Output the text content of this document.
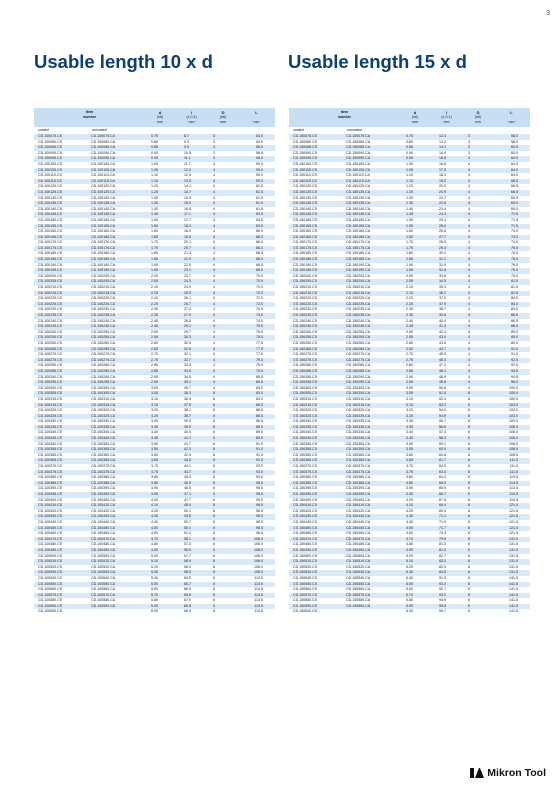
3
Usable length 10 x d	Usable length 15 x d
Item		d	l	D	L
number		(h6)	(± 0.1)	(h6)	
		mm	mm	mm	mm
coated	uncoated				
CD.100075.CS	CD.100075.CA	0.75	8.7	3	54.0
CD.100080.CS	CD.100080.CA	0.80	9.3	3	54.0
CD.100085.CS	CD.100085.CA	0.85	9.9	3	56.0
CD.100090.CS	CD.100090.CA	0.90	10.5	3	56.0
CD.100095.CS	CD.100095.CA	0.95	11.1	3	56.0
CD.100100.CS	CD.100100.CA	1.00	11.7	4	59.0
CD.100105.CS	CD.100105.CA	1.05	12.3	4	59.0
CD.100110.CS	CD.100110.CA	1.10	12.9	4	59.0
CD.100115.CS	CD.100115.CA	1.15	13.5	4	59.0
CD.100120.CS	CD.100120.CA	1.20	14.1	4	61.5
CD.100125.CS	CD.100125.CA	1.25	14.7	4	61.5
CD.100130.CS	CD.100130.CA	1.30	15.3	4	61.5
CD.100135.CS	CD.100135.CA	1.35	15.9	4	61.5
CD.100140.CS	CD.100140.CA	1.40	16.5	4	61.5
CD.100145.CS	CD.100145.CA	1.45	17.1	4	63.5
CD.100150.CS	CD.100150.CA	1.50	17.7	4	63.5
CD.100155.CS	CD.100155.CA	1.55	18.3	4	63.5
CD.100160.CS	CD.100160.CA	1.60	18.9	4	66.0
CD.100165.CS	CD.100165.CA	1.65	19.5	4	66.0
CD.100170.CS	CD.100170.CA	1.70	20.1	4	66.0
CD.100175.CS	CD.100176.CA	1.75	20.7	4	66.0
CD.100180.CS	CD.100180.CA	1.80	21.3	4	68.0
CD.100185.CS	CD.100185.CA	1.85	21.9	4	68.0
CD.100190.CS	CD.100190.CA	1.90	22.5	4	68.0
CD.100195.CS	CD.100195.CA	1.95	23.1	4	68.0
CD.100200.CS	CD.100200.CA	2.00	23.7	4	70.0
CD.100205.CS	CD.100205.CA	2.05	24.3	4	70.0
CD.100210.CS	CD.100210.CA	2.10	24.9	4	70.0
CD.100215.CS	CD.100215.CA	2.15	25.5	4	72.0
CD.100220.CS	CD.100220.CA	2.20	26.1	4	72.0
CD.100225.CS	CD.100225.CA	2.25	26.7	4	72.0
CD.100230.CS	CD.100230.CA	2.30	27.3	4	74.0
CD.100235.CS	CD.100235.CA	2.35	27.9	4	74.0
CD.100240.CS	CD.100240.CA	2.40	28.5	4	74.0
CD.100245.CS	CD.100245.CA	2.45	29.1	4	75.5
CD.100250.CS	CD.100250.CA	2.50	29.7	4	75.5
CD.100255.CS	CD.100255.CA	2.55	30.3	4	75.5
CD.100260.CS	CD.100260.CA	2.60	30.9	4	77.5
CD.100265.CS	CD.100265.CA	2.65	31.5	4	77.5
CD.100270.CS	CD.100270.CA	2.70	32.1	4	77.5
CD.100275.CS	CD.100275.CA	2.75	32.7	4	79.0
CD.100280.CS	CD.100280.CA	2.80	33.3	4	79.0
CD.100285.CS	CD.100285.CA	2.85	33.9	4	79.0
CD.100290.CS	CD.100290.CA	2.90	34.5	4	80.5
CD.100295.CS	CD.100295.CA	2.95	35.1	4	80.5
CD.100300.CS	CD.100300.CA	3.00	35.7	4	83.0
CD.100305.CS	CD.100305.CA	3.05	36.3	6	83.0
CD.100310.CS	CD.100310.CA	3.10	36.9	6	83.0
CD.100315.CS	CD.100315.CA	3.15	37.5	6	86.5
CD.100320.CS	CD.100320.CA	3.20	38.1	6	86.5
CD.100325.CS	CD.100325.CA	3.25	38.7	6	86.5
CD.100330.CS	CD.100330.CA	3.30	39.3	6	86.5
CD.100335.CS	CD.100335.CA	3.35	39.9	6	89.0
CD.100340.CS	CD.100340.CA	3.40	40.5	6	89.0
CD.100345.CS	CD.100345.CA	3.45	41.1	6	89.0
CD.100350.CS	CD.100350.CA	3.50	41.7	6	91.0
CD.100355.CS	CD.100355.CA	3.55	42.3	6	91.0
CD.100360.CS	CD.100360.CA	3.60	42.9	6	91.0
CD.100365.CS	CD.100365.CA	3.65	43.5	6	91.0
CD.100370.CS	CD.100370.CA	3.70	44.1	6	93.0
CD.100375.CS	CD.100375.CA	3.75	44.7	6	93.0
CD.100380.CS	CD.100380.CA	3.80	45.3	6	93.0
CD.100385.CS	CD.100385.CA	3.85	45.9	6	95.0
CD.100390.CS	CD.100390.CA	3.90	46.5	6	95.0
CD.100395.CS	CD.100395.CA	3.95	47.1	6	95.0
CD.100400.CS	CD.100400.CA	4.00	47.7	6	95.0
CD.100410.CS	CD.100410.CA	4.10	48.9	6	98.5
CD.100420.CS	CD.100420.CA	4.20	50.1	6	98.5
CD.100430.CS	CD.100430.CA	4.30	49.6	6	98.5
CD.100440.CS	CD.100440.CA	4.40	50.7	6	98.5
CD.100450.CS	CD.100450.CA	4.50	50.1	6	98.5
CD.100460.CS	CD.100460.CA	4.60	51.2	6	98.5
CD.100470.CS	CD.100470.CA	4.70	56.1	6	106.0
CD.100480.CS	CD.100480.CA	4.80	57.3	6	106.0
CD.100490.CS	CD.100490.CA	4.90	56.5	6	106.0
CD.100500.CS	CD.100500.CA	5.00	57.7	6	106.0
CD.100510.CS	CD.100510.CA	5.10	58.9	6	106.0
CD.100520.CS	CD.100520.CA	5.20	56.9	6	106.0
CD.100530.CS	CD.100530.CA	5.30	58.0	6	106.0
CD.100540.CS	CD.100540.CA	5.40	64.5	6	113.5
CD.100550.CS	CD.100550.CA	5.50	65.7	6	113.5
CD.100560.CS	CD.100560.CA	5.60	66.9	6	113.5
CD.100570.CS	CD.100570.CA	5.70	65.8	6	113.5
CD.100580.CS	CD.100580.CA	5.80	67.0	6	113.5
CD.100590.CS	CD.100590.CA	5.90	65.8	6	113.5
CD.100600.CS		6.00	66.9	6	113.5
Item		d	l	D	L
number		(h6)	(± 0.1)	(h6)	
		mm	mm	mm	mm
coated	uncoated				
CD.150075.CS	CD.150075.CA	0.75	12.4	3	58.0
CD.150080.CS	CD.150080.CA	0.80	13.2	3	58.0
CD.150085.CS	CD.150085.CA	0.85	14.1	3	60.0
CD.150090.CS	CD.150090.CA	0.90	14.9	3	60.0
CD.150095.CS	CD.150095.CA	0.95	15.8	3	60.0
CD.150100.CS	CD.150100.CA	1.00	16.6	4	64.0
CD.150105.CS	CD.150105.CA	1.05	17.5	4	64.0
CD.150110.CS	CD.150110.CA	1.10	18.3	4	64.0
CD.150115.CS	CD.150115.CA	1.15	19.2	4	66.5
CD.150120.CS	CD.150120.CA	1.20	20.0	4	66.5
CD.150125.CS	CD.150125.CA	1.25	20.9	4	66.5
CD.150130.CS	CD.150130.CA	1.30	21.7	4	69.0
CD.150135.CS	CD.150135.CA	1.35	22.6	4	69.0
CD.150140.CS	CD.150140.CA	1.40	23.4	4	69.0
CD.150145.CS	CD.150145.CA	1.45	24.3	4	71.5
CD.150150.CS	CD.150150.CA	1.50	25.1	4	71.5
CD.150155.CS	CD.150155.CA	1.55	26.0	4	71.5
CD.150160.CS	CD.150160.CA	1.60	26.8	4	74.0
CD.150165.CS	CD.150165.CA	1.65	27.7	4	74.0
CD.150170.CS	CD.150170.CA	1.70	28.5	4	74.0
CD.150175.CS	CD.150175.CA	1.75	29.4	4	76.5
CD.150180.CS	CD.150180.CA	1.80	30.2	4	76.5
CD.150185.CS	CD.150185.CA	1.85	31.1	4	76.5
CD.150190.CS	CD.150190.CA	1.90	31.9	4	79.0
CD.150195.CS	CD.150195.CA	1.95	32.8	4	79.0
CD.150200.CS	CD.150200.CA	2.00	33.6	4	79.0
CD.150205.CS	CD.150205.CA	2.05	34.5	4	81.5
CD.150210.CS	CD.150210.CA	2.10	35.3	4	81.5
CD.150215.CS	CD.150215.CA	2.15	36.2	4	81.5
CD.150220.CS	CD.150220.CA	2.20	37.0	4	84.0
CD.150225.CS	CD.150225.CA	2.25	37.9	4	84.0
CD.150230.CS	CD.150230.CA	2.30	38.7	4	84.0
CD.150235.CS	CD.150235.CA	2.35	39.6	4	86.5
CD.150240.CS	CD.150240.CA	2.40	40.4	4	86.5
CD.150245.CS	CD.150245.CA	2.45	41.3	4	86.5
CD.150250.CS	CD.150250.CA	2.50	42.1	4	89.0
CD.150255.CS	CD.150255.CA	2.55	43.0	4	89.0
CD.150260.CS	CD.150260.CA	2.60	43.8	4	89.0
CD.150265.CS	CD.150265.CA	2.65	44.7	4	91.0
CD.150270.CS	CD.150270.CA	2.70	45.5	4	91.0
CD.150275.CS	CD.150275.CA	2.75	46.4	4	92.5
CD.150280.CS	CD.150280.CA	2.80	47.2	4	92.5
CD.150285.CS	CD.150285.CA	2.85	48.1	4	94.5
CD.150290.CS	CD.150290.CA	2.90	48.9	4	94.5
CD.150295.CS	CD.150295.CA	2.95	49.8	4	96.0
CD.150300.CS	CD.150300.CA	3.00	50.6	4	100.0
CD.150305.CS	CD.150305.CA	3.05	51.5	6	100.0
CD.150310.CS	CD.150310.CA	3.10	52.3	6	100.0
CD.150315.CS	CD.150315.CA	3.15	53.2	6	103.0
CD.150320.CS	CD.150320.CA	3.20	54.0	6	103.0
CD.150325.CS	CD.150325.CA	3.25	54.9	6	103.0
CD.150330.CS	CD.150330.CA	3.30	55.7	6	103.0
CD.150335.CS	CD.150335.CA	3.35	56.6	6	106.0
CD.150340.CS	CD.150340.CA	3.40	57.4	6	106.0
CD.150345.CS	CD.150345.CA	3.45	58.3	6	106.0
CD.150350.CS	CD.150350.CA	3.50	59.1	6	108.5
CD.150355.CS	CD.150355.CA	3.55	60.0	6	108.5
CD.150360.CS	CD.150360.CA	3.60	60.8	6	108.5
CD.150365.CS	CD.150365.CA	3.65	61.7	6	111.0
CD.150370.CS	CD.150370.CA	3.70	62.5	6	111.0
CD.150375.CS	CD.150375.CA	3.75	63.4	6	111.0
CD.150380.CS	CD.150380.CA	3.80	64.2	6	113.5
CD.150385.CS	CD.150385.CA	3.85	65.0	6	113.5
CD.150390.CS	CD.150390.CA	3.90	65.9	6	113.5
CD.150395.CS	CD.150395.CA	3.95	66.7	6	115.5
CD.150400.CS	CD.150400.CA	4.00	67.6	6	115.5
CD.150410.CS	CD.150410.CA	4.10	69.4	6	121.5
CD.150420.CS	CD.150420.CA	4.20	69.4	6	121.5
CD.150430.CS	CD.150430.CA	4.30	71.1	6	121.5
CD.150440.CS	CD.150440.CA	4.40	71.9	6	121.5
CD.150450.CS	CD.150450.CA	4.50	71.7	6	121.5
CD.150460.CS	CD.150460.CA	4.60	73.3	6	121.5
CD.150470.CS	CD.150470.CA	4.70	79.6	6	131.5
CD.150480.CS	CD.150480.CA	4.80	81.3	6	131.5
CD.150490.CS	CD.150490.CA	4.90	81.0	6	131.5
CD.150500.CS	CD.150500.CA	5.00	82.7	6	131.5
CD.150510.CS	CD.150510.CA	5.10	83.3	6	131.5
CD.150520.CS	CD.150520.CA	5.20	82.9	6	131.5
CD.150530.CS	CD.150530.CA	5.30	84.5	6	131.5
CD.150540.CS	CD.150540.CA	5.40	91.5	6	141.5
CD.150550.CS	CD.150550.CA	5.50	93.2	6	141.5
CD.150560.CS	CD.150560.CA	5.60	92.7	6	141.5
CD.150570.CS	CD.150570.CA	5.70	93.2	6	141.5
CD.150580.CS	CD.150580.CA	5.80	94.9	6	141.5
CD.150590.CS	CD.150590.CA	5.90	95.8	6	141.5
CD.150600.CS		6.00	95.7	6	141.5
Mikron Tool
